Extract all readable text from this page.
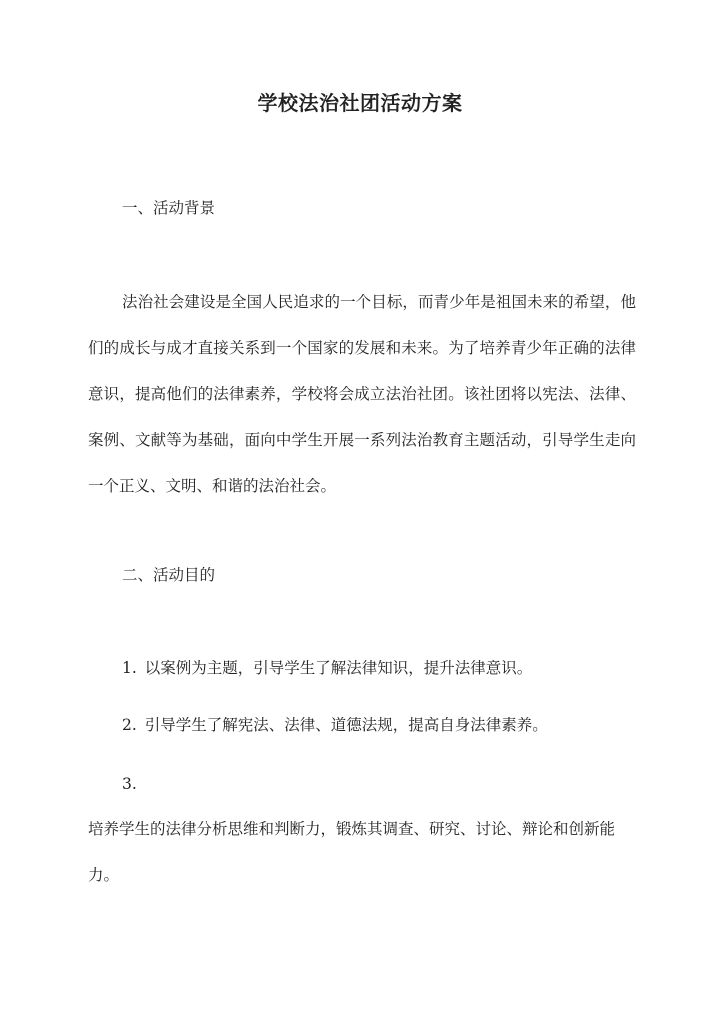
学校法治社团活动方案
一、活动背景
法治社会建设是全国人民追求的一个目标，而青少年是祖国未来的希望，他们的成长与成才直接关系到一个国家的发展和未来。为了培养青少年正确的法律意识，提高他们的法律素养，学校将会成立法治社团。该社团将以宪法、法律、案例、文献等为基础，面向中学生开展一系列法治教育主题活动，引导学生走向一个正义、文明、和谐的法治社会。
二、活动目的
1. 以案例为主题，引导学生了解法律知识，提升法律意识。
2. 引导学生了解宪法、法律、道德法规，提高自身法律素养。
3.
培养学生的法律分析思维和判断力，锻炼其调查、研究、讨论、辩论和创新能力。
